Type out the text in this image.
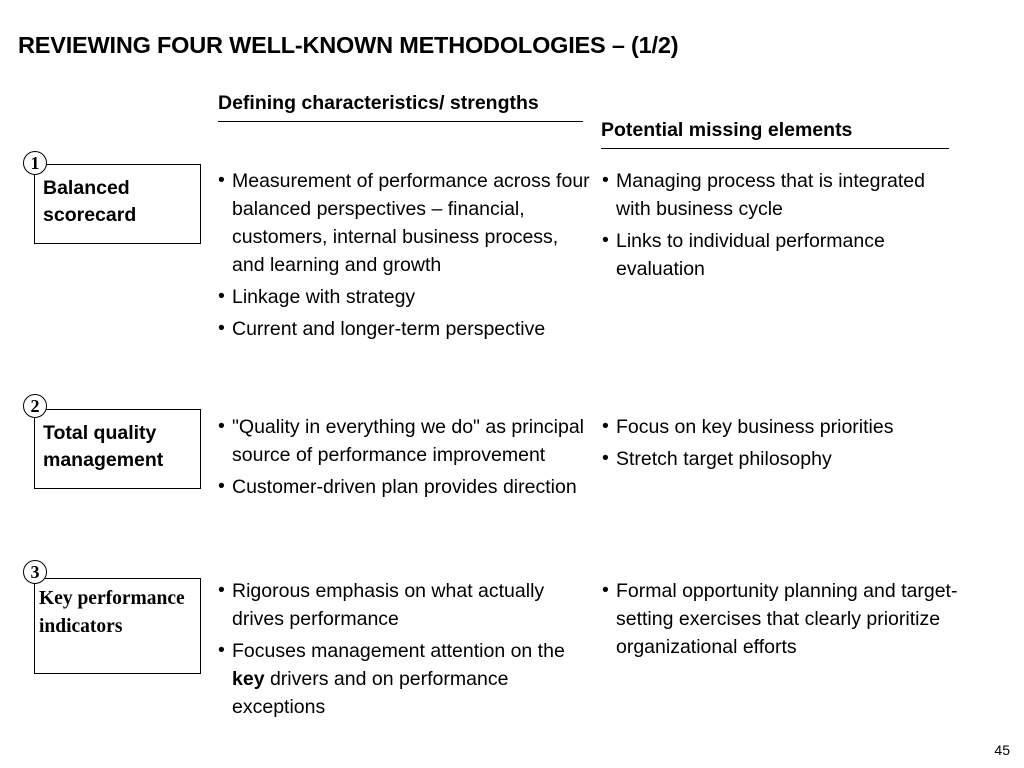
REVIEWING FOUR WELL-KNOWN METHODOLOGIES – (1/2)
Defining characteristics/ strengths
Potential missing elements
1
Balanced scorecard
• Measurement of performance across four balanced perspectives – financial, customers, internal business process, and learning and growth
• Linkage with strategy
• Current and longer-term perspective
• Managing process that is integrated with business cycle
• Links to individual performance evaluation
2
Total quality management
• "Quality in everything we do" as principal source of performance improvement
• Customer-driven plan provides direction
• Focus on key business priorities
• Stretch target philosophy
3
Key performance indicators
• Rigorous emphasis on what actually drives performance
• Focuses management attention on the key drivers and on performance exceptions
• Formal opportunity planning and target-setting exercises that clearly prioritize organizational efforts
45
